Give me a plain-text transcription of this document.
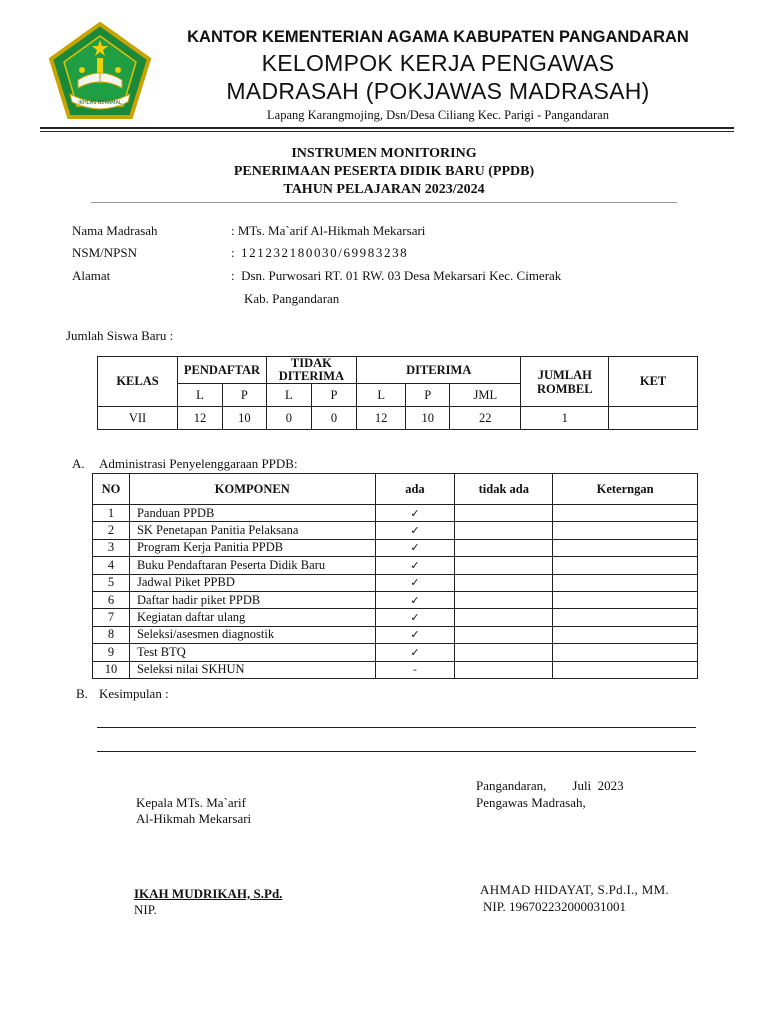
IKHLAS BERAMAL
KANTOR KEMENTERIAN AGAMA KABUPATEN PANGANDARAN
KELOMPOK KERJA PENGAWAS
MADRASAH (POKJAWAS MADRASAH)
Lapang Karangmojing, Dsn/Desa Ciliang Kec. Parigi - Pangandaran
INSTRUMEN MONITORING
PENERIMAAN PESERTA DIDIK BARU (PPDB)
TAHUN PELAJARAN 2023/2024
Nama Madrasah	: MTs. Ma`arif Al-Hikmah Mekarsari
NSM/NPSN	: 121232180030/69983238
Alamat	:  Dsn. Purwosari RT. 01 RW. 03 Desa Mekarsari Kec. Cimerak
Kab. Pangandaran
Jumlah Siswa Baru :
KELAS	PENDAFTAR		TIDAK DITERIMA		DITERIMA			JUMLAH ROMBEL	KET
	L	P	L	P	L	P	JML		
VII	12	10	0	0	12	10	22	1	
A. Administrasi Penyelenggaraan PPDB:
NO	KOMPONEN	ada	tidak ada	Keterngan
1	Panduan PPDB	✓		
2	SK Penetapan Panitia Pelaksana	✓		
3	Program Kerja Panitia PPDB	✓		
4	Buku Pendaftaran Peserta Didik Baru	✓		
5	Jadwal Piket PPBD	✓		
6	Daftar hadir piket PPDB	✓		
7	Kegiatan daftar ulang	✓		
8	Seleksi/asesmen diagnostik	✓		
9	Test BTQ	✓		
10	Seleksi nilai SKHUN	-		
B. Kesimpulan :
Pangandaran,        Juli  2023
Kepala MTs. Ma`arif
Al-Hikmah Mekarsari
Pengawas Madrasah,
IKAH MUDRIKAH, S.Pd.
NIP.
AHMAD HIDAYAT, S.Pd.I., MM.
NIP. 196702232000031001
